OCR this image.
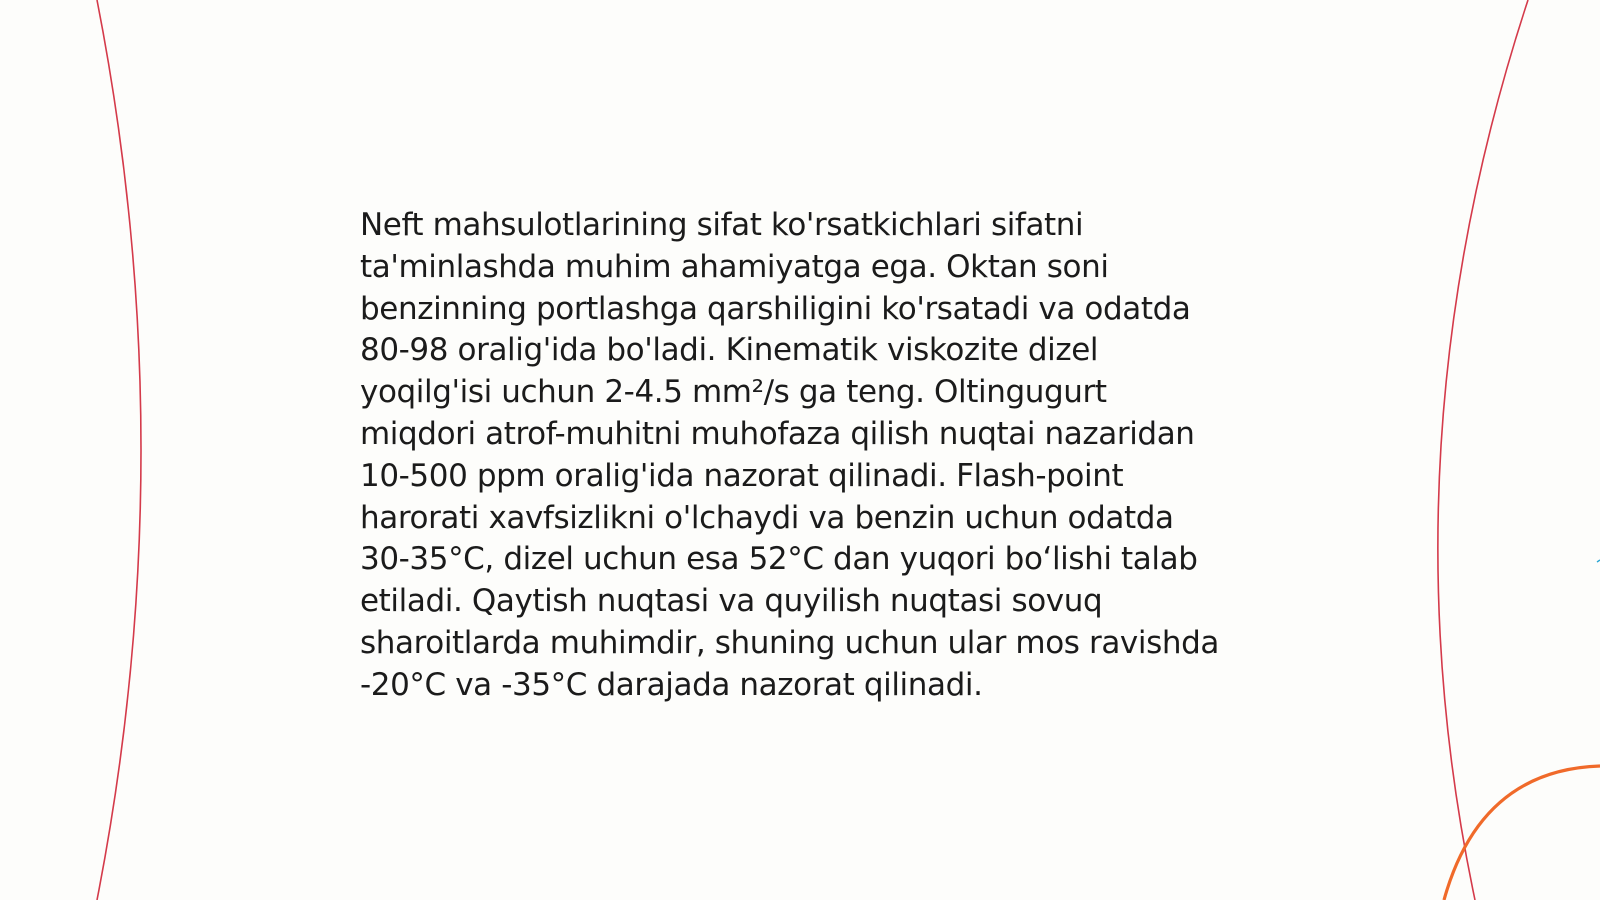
Neft mahsulotlarining sifat ko'rsatkichlari sifatni ta'minlashda muhim ahamiyatga ega. Oktan soni benzinning portlashga qarshiligini ko'rsatadi va odatda 80-98 oralig'ida bo'ladi. Kinematik viskozite dizel yoqilg'isi uchun 2-4.5 mm²/s ga teng. Oltingugurt miqdori atrof-muhitni muhofaza qilish nuqtai nazaridan 10-500 ppm oralig'ida nazorat qilinadi. Flash-point harorati xavfsizlikni o'lchaydi va benzin uchun odatda 30-35°C, dizel uchun esa 52°C dan yuqori bo‘lishi talab etiladi. Qaytish nuqtasi va quyilish nuqtasi sovuq sharoitlarda muhimdir, shuning uchun ular mos ravishda -20°C va -35°C darajada nazorat qilinadi.
